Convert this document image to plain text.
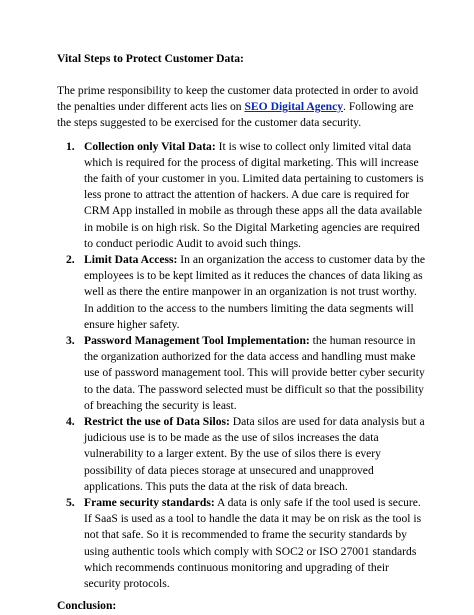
Vital Steps to Protect Customer Data:

The prime responsibility to keep the customer data protected in order to avoid the penalties under different acts lies on SEO Digital Agency. Following are the steps suggested to be exercised for the customer data security.

1. Collection only Vital Data: It is wise to collect only limited vital data which is required for the process of digital marketing. This will increase the faith of your customer in you. Limited data pertaining to customers is less prone to attract the attention of hackers. A due care is required for CRM App installed in mobile as through these apps all the data available in mobile is on high risk. So the Digital Marketing agencies are required to conduct periodic Audit to avoid such things.
2. Limit Data Access: In an organization the access to customer data by the employees is to be kept limited as it reduces the chances of data liking as well as there the entire manpower in an organization is not trust worthy. In addition to the access to the numbers limiting the data segments will ensure higher safety.
3. Password Management Tool Implementation: the human resource in the organization authorized for the data access and handling must make use of password management tool. This will provide better cyber security to the data. The password selected must be difficult so that the possibility of breaching the security is least.
4. Restrict the use of Data Silos: Data silos are used for data analysis but a judicious use is to be made as the use of silos increases the data vulnerability to a larger extent. By the use of silos there is every possibility of data pieces storage at unsecured and unapproved applications. This puts the data at the risk of data breach.
5. Frame security standards: A data is only safe if the tool used is secure. If SaaS is used as a tool to handle the data it may be on risk as the tool is not that safe. So it is recommended to frame the security standards by using authentic tools which comply with SOC2 or ISO 27001 standards which recommends continuous monitoring and upgrading of their security protocols.

Conclusion:
